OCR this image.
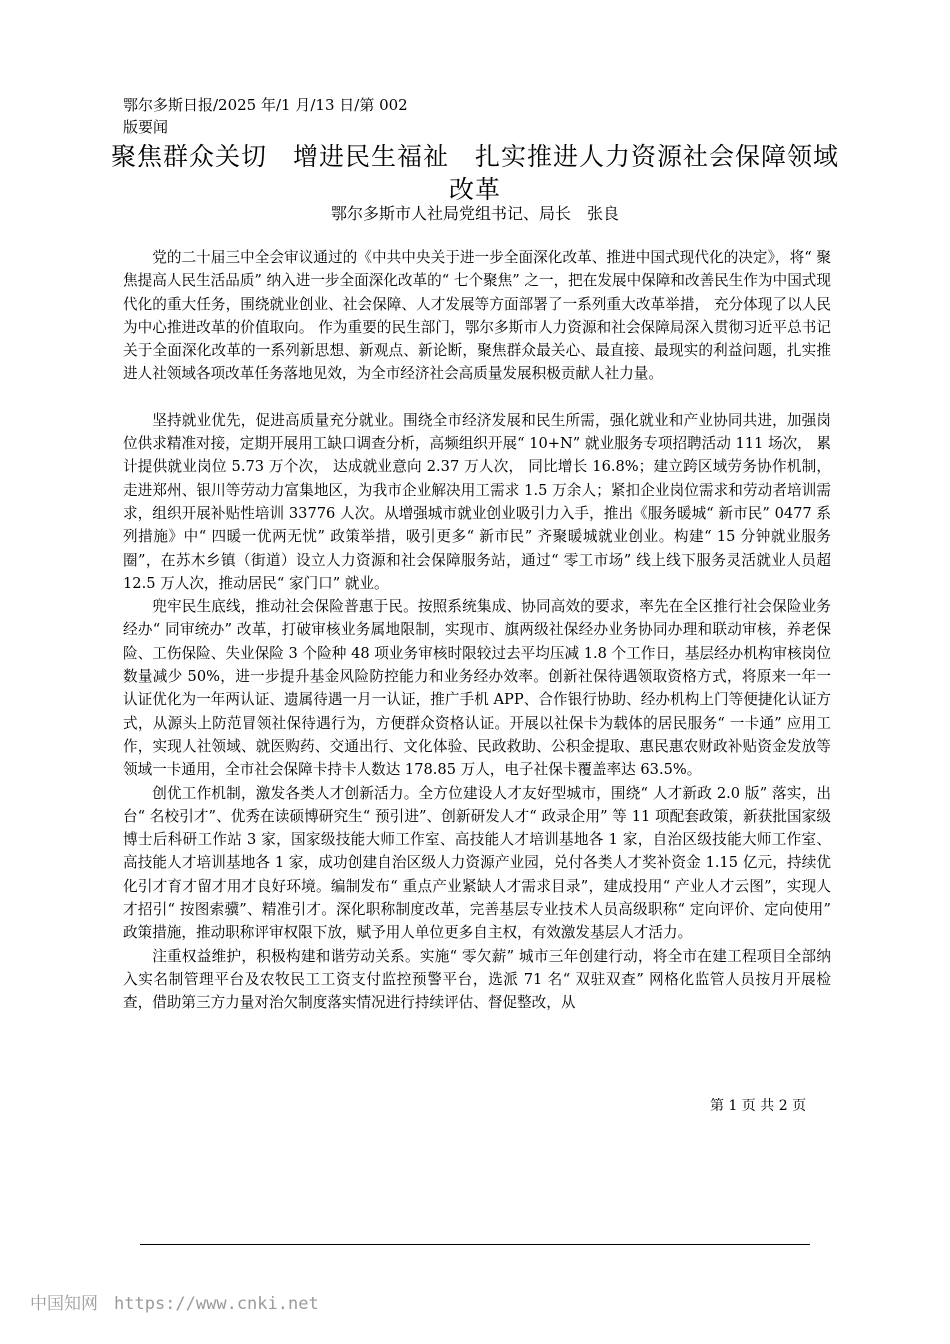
鄂尔多斯日报/2025 年/1 月/13 日/第 002
版要闻
聚焦群众关切　增进民生福祉　扎实推进人力资源社会保障领域改革
鄂尔多斯市人社局党组书记、局长　张良

党的二十届三中全会审议通过的《中共中央关于进一步全面深化改革、推进中国式现代化的决定》，将“ 聚焦提高人民生活品质” 纳入进一步全面深化改革的“ 七个聚焦” 之一，把在发展中保障和改善民生作为中国式现代化的重大任务，围绕就业创业、社会保障、人才发展等方面部署了一系列重大改革举措， 充分体现了以人民为中心推进改革的价值取向。 作为重要的民生部门，鄂尔多斯市人力资源和社会保障局深入贯彻习近平总书记关于全面深化改革的一系列新思想、新观点、新论断，聚焦群众最关心、最直接、最现实的利益问题，扎实推进人社领域各项改革任务落地见效，为全市经济社会高质量发展积极贡献人社力量。

坚持就业优先，促进高质量充分就业。围绕全市经济发展和民生所需，强化就业和产业协同共进，加强岗位供求精准对接，定期开展用工缺口调查分析，高频组织开展“ 10+N” 就业服务专项招聘活动 111 场次， 累计提供就业岗位 5.73 万个次， 达成就业意向 2.37 万人次， 同比增长 16.8%；建立跨区域劳务协作机制，走进郑州、银川等劳动力富集地区，为我市企业解决用工需求 1.5 万余人；紧扣企业岗位需求和劳动者培训需求，组织开展补贴性培训 33776 人次。从增强城市就业创业吸引力入手，推出《服务暖城“ 新市民” 0477 系列措施》中“ 四暖一优两无忧” 政策举措，吸引更多“ 新市民” 齐聚暖城就业创业。构建“ 15 分钟就业服务圈”，在苏木乡镇（街道）设立人力资源和社会保障服务站，通过“ 零工市场” 线上线下服务灵活就业人员超 12.5 万人次，推动居民“ 家门口” 就业。

兜牢民生底线，推动社会保险普惠于民。按照系统集成、协同高效的要求，率先在全区推行社会保险业务经办“ 同审统办” 改革，打破审核业务属地限制，实现市、旗两级社保经办业务协同办理和联动审核，养老保险、工伤保险、失业保险 3 个险种 48 项业务审核时限较过去平均压减 1.8 个工作日，基层经办机构审核岗位数量减少 50%，进一步提升基金风险防控能力和业务经办效率。创新社保待遇领取资格方式，将原来一年一认证优化为一年两认证、遗属待遇一月一认证，推广手机 APP、合作银行协助、经办机构上门等便捷化认证方式，从源头上防范冒领社保待遇行为，方便群众资格认证。开展以社保卡为载体的居民服务“ 一卡通” 应用工作，实现人社领域、就医购药、交通出行、文化体验、民政救助、公积金提取、惠民惠农财政补贴资金发放等领域一卡通用，全市社会保障卡持卡人数达 178.85 万人，电子社保卡覆盖率达 63.5%。

创优工作机制，激发各类人才创新活力。全方位建设人才友好型城市，围绕“ 人才新政 2.0 版” 落实，出台“ 名校引才”、优秀在读硕博研究生“ 预引进”、创新研发人才“ 政录企用” 等 11 项配套政策，新获批国家级博士后科研工作站 3 家，国家级技能大师工作室、高技能人才培训基地各 1 家，自治区级技能大师工作室、高技能人才培训基地各 1 家，成功创建自治区级人力资源产业园，兑付各类人才奖补资金 1.15 亿元，持续优化引才育才留才用才良好环境。编制发布“ 重点产业紧缺人才需求目录”，建成投用“ 产业人才云图”，实现人才招引“ 按图索骥”、精准引才。深化职称制度改革，完善基层专业技术人员高级职称“ 定向评价、定向使用” 政策措施，推动职称评审权限下放，赋予用人单位更多自主权，有效激发基层人才活力。

注重权益维护，积极构建和谐劳动关系。实施“ 零欠薪” 城市三年创建行动，将全市在建工程项目全部纳入实名制管理平台及农牧民工工资支付监控预警平台，选派 71 名“ 双驻双查” 网格化监管人员按月开展检查，借助第三方力量对治欠制度落实情况进行持续评估、督促整改，从

第 1 页 共 2 页
中国知网 https://www.cnki.net
